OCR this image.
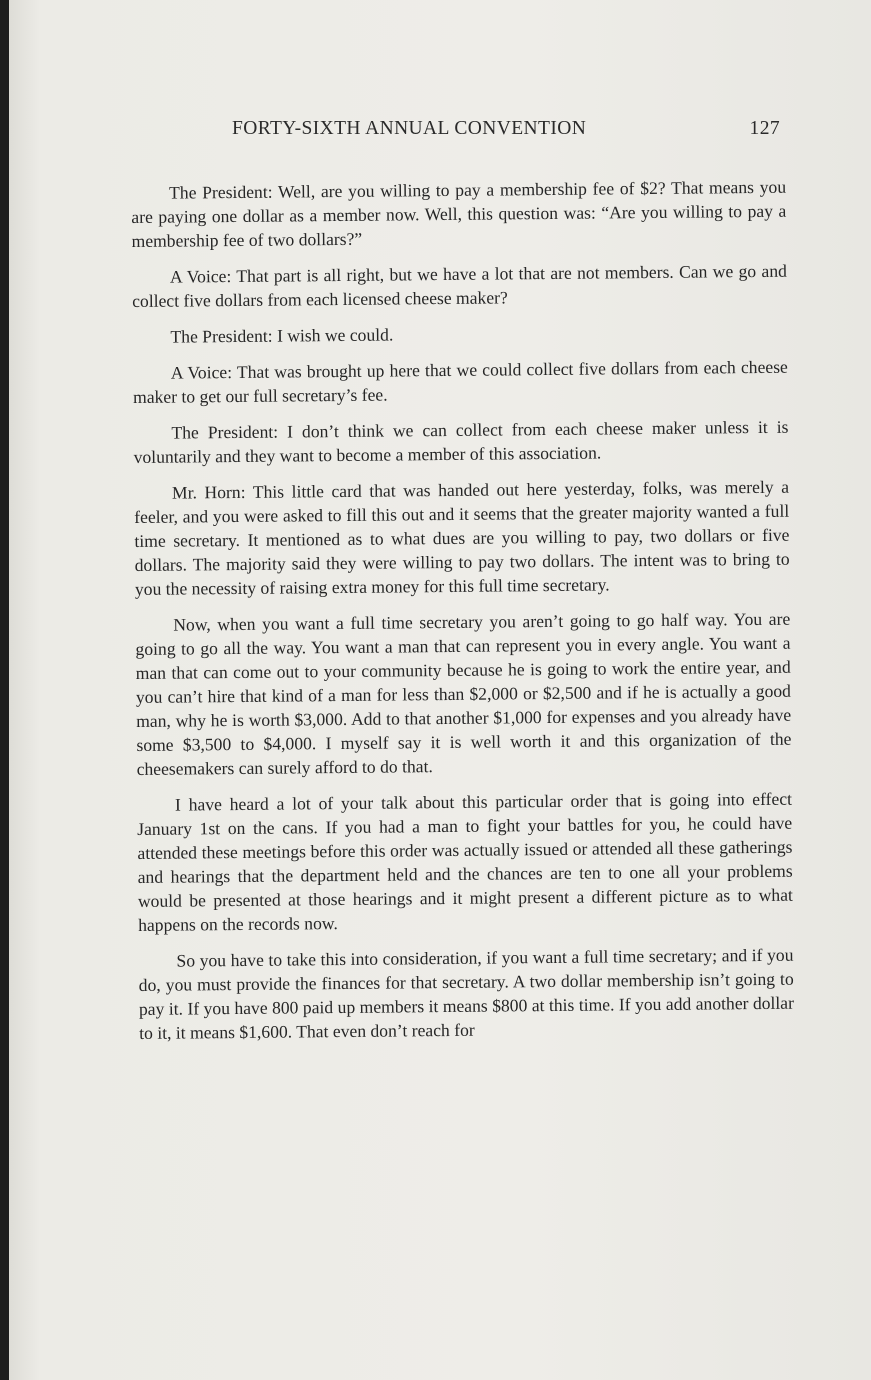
FORTY-SIXTH ANNUAL CONVENTION	127

The President: Well, are you willing to pay a membership fee of $2? That means you are paying one dollar as a member now. Well, this question was: “Are you willing to pay a membership fee of two dollars?”

A Voice: That part is all right, but we have a lot that are not members. Can we go and collect five dollars from each licensed cheese maker?

The President: I wish we could.

A Voice: That was brought up here that we could collect five dollars from each cheese maker to get our full secretary’s fee.

The President: I don’t think we can collect from each cheese maker unless it is voluntarily and they want to become a member of this association.

Mr. Horn: This little card that was handed out here yesterday, folks, was merely a feeler, and you were asked to fill this out and it seems that the greater majority wanted a full time secretary. It mentioned as to what dues are you willing to pay, two dollars or five dollars. The majority said they were willing to pay two dollars. The intent was to bring to you the necessity of raising extra money for this full time secretary.

Now, when you want a full time secretary you aren’t going to go half way. You are going to go all the way. You want a man that can represent you in every angle. You want a man that can come out to your community because he is going to work the entire year, and you can’t hire that kind of a man for less than $2,000 or $2,500 and if he is actually a good man, why he is worth $3,000. Add to that another $1,000 for expenses and you already have some $3,500 to $4,000. I myself say it is well worth it and this organization of the cheesemakers can surely afford to do that.

I have heard a lot of your talk about this particular order that is going into effect January 1st on the cans. If you had a man to fight your battles for you, he could have attended these meetings before this order was actually issued or attended all these gatherings and hearings that the department held and the chances are ten to one all your problems would be presented at those hearings and it might present a different picture as to what happens on the records now.

So you have to take this into consideration, if you want a full time secretary; and if you do, you must provide the finances for that secretary. A two dollar membership isn’t going to pay it. If you have 800 paid up members it means $800 at this time. If you add another dollar to it, it means $1,600. That even don’t reach for
